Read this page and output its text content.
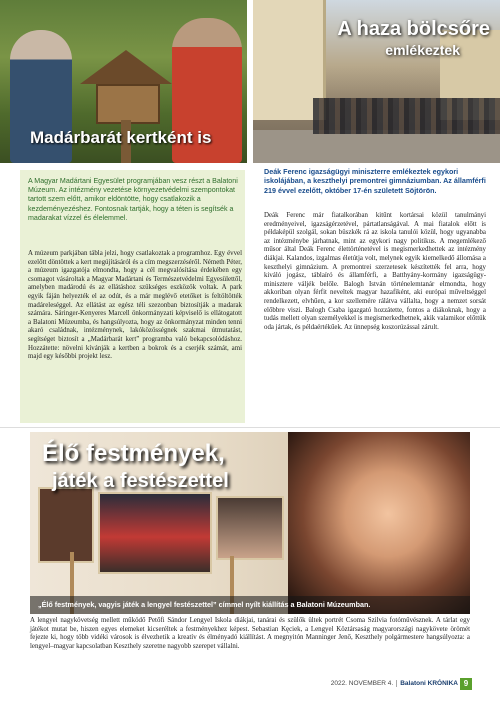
Madárbarát kertként is
A haza bölcsőre
emlékeztek
A Magyar Madártani Egyesület programjában vesz részt a Balatoni Múzeum. Az intézmény vezetése környezetvédelmi szempontokat tartott szem előtt, amikor eldöntötte, hogy csatlakozik a kezdeményezéshez. Fontosnak tartják, hogy a téten is segítsék a madarakat vízzel és élelemmel.
A múzeum parkjában tábla jelzi, hogy csatlakoztak a programhoz. Egy évvel ezelőtt döntöttek a kert megújításáról és a cím megszerzéséről. Németh Péter, a múzeum igazgatója elmondta, hogy a cél megvalósítása érdekében egy csomagot vásároltak a Magyar Madártani és Természetvédelmi Egyesülettől, amelyben madárodú és az ellátáshoz szükséges eszközök voltak. A park egyik fáján helyezték el az odút, és a már meglévő etetőket is feltöltötték madáreleséggel. Az ellátást az egész téli szezonban biztosítják a madarak számára. Sáringer-Kenyeres Marcell önkormányzati képviselő is ellátogatott a Balatoni Múzeumba, és hangsúlyozta, hogy az önkormányzat minden tenni akaró családnak, intézménynek, lakóközösségnek szakmai útmutatást, segítséget biztosít a „Madárbarát kert” programba való bekapcsolódáshoz. Hozzátette: növelni kívánják a kertben a bokrok és a cserjék számát, ami majd egy későbbi projekt lesz.
Deák Ferenc igazságügyi miniszterre emlékeztek egykori iskolájában, a keszthelyi premontrei gimnáziumban. Az államférfi 219 évvel ezelőtt, október 17-én született Söjtörön.
Deák Ferenc már fiatalkorában kitűnt kortársai közül tanulmányi eredményeivel, igazságérzetével, pártatlanságával. A mai fiatalok előtt is példaképül szolgál, sokan büszkék rá az iskola tanulói közül, hogy ugyanabba az intézménybe járhatnak, mint az egykori nagy politikus. A megemlékező műsor által Deák Ferenc élettörténetével is megismerkedhettek az intézmény diákjai. Kalandos, izgalmas életútja volt, melynek egyik kiemelkedő állomása a keszthelyi gimnázium. A premontrei szerzetesek készítették fel arra, hogy kiváló jogász, táblaíró és államférfi, a Batthyány-kormány igazságügy-minisztere váljék belőle. Balogh István történelemtanár elmondta, hogy akkoriban olyan férfit neveltek magyar hazafiként, aki európai műveltséggel rendelkezett, elvhűen, a kor szellemére rálátva vállalta, hogy a nemzet sorsát előbbre viszi. Balogh Csaba igazgató hozzátette, fontos a diákoknak, hogy a tudás mellett olyan személyekkel is megismerkedhetnek, akik valamikor előttük oda jártak, és példaértékűek. Az ünnepség koszorúzással zárult.
Élő festmények,
játék a festészettel
„Élő festmények, vagyis játék a lengyel festészettel” címmel nyílt kiállítás a Balatoni Múzeumban.
A lengyel nagykövetség mellett működő Petőfi Sándor Lengyel Iskola diákjai, tanárai és szülők ültek portrét Csoma Szilvia fotóművésznek. A tárlat egy játékot mutat be, hiszen egyes elemeket kicseréltek a festményekhez képest. Sebastian Kęciek, a Lengyel Köztársaság magyarországi nagykövete örömét fejezte ki, hogy több vidéki városok is élvezhetik a kreatív és élményadó kiállítást. A megnyitón Manninger Jenő, Keszthely polgármestere hangsúlyozta: a lengyel–magyar kapcsolatban Keszthely szeretne nagyobb szerepet vállalni.
2022. NOVEMBER 4. Balatoni KRÓNIKA 9
